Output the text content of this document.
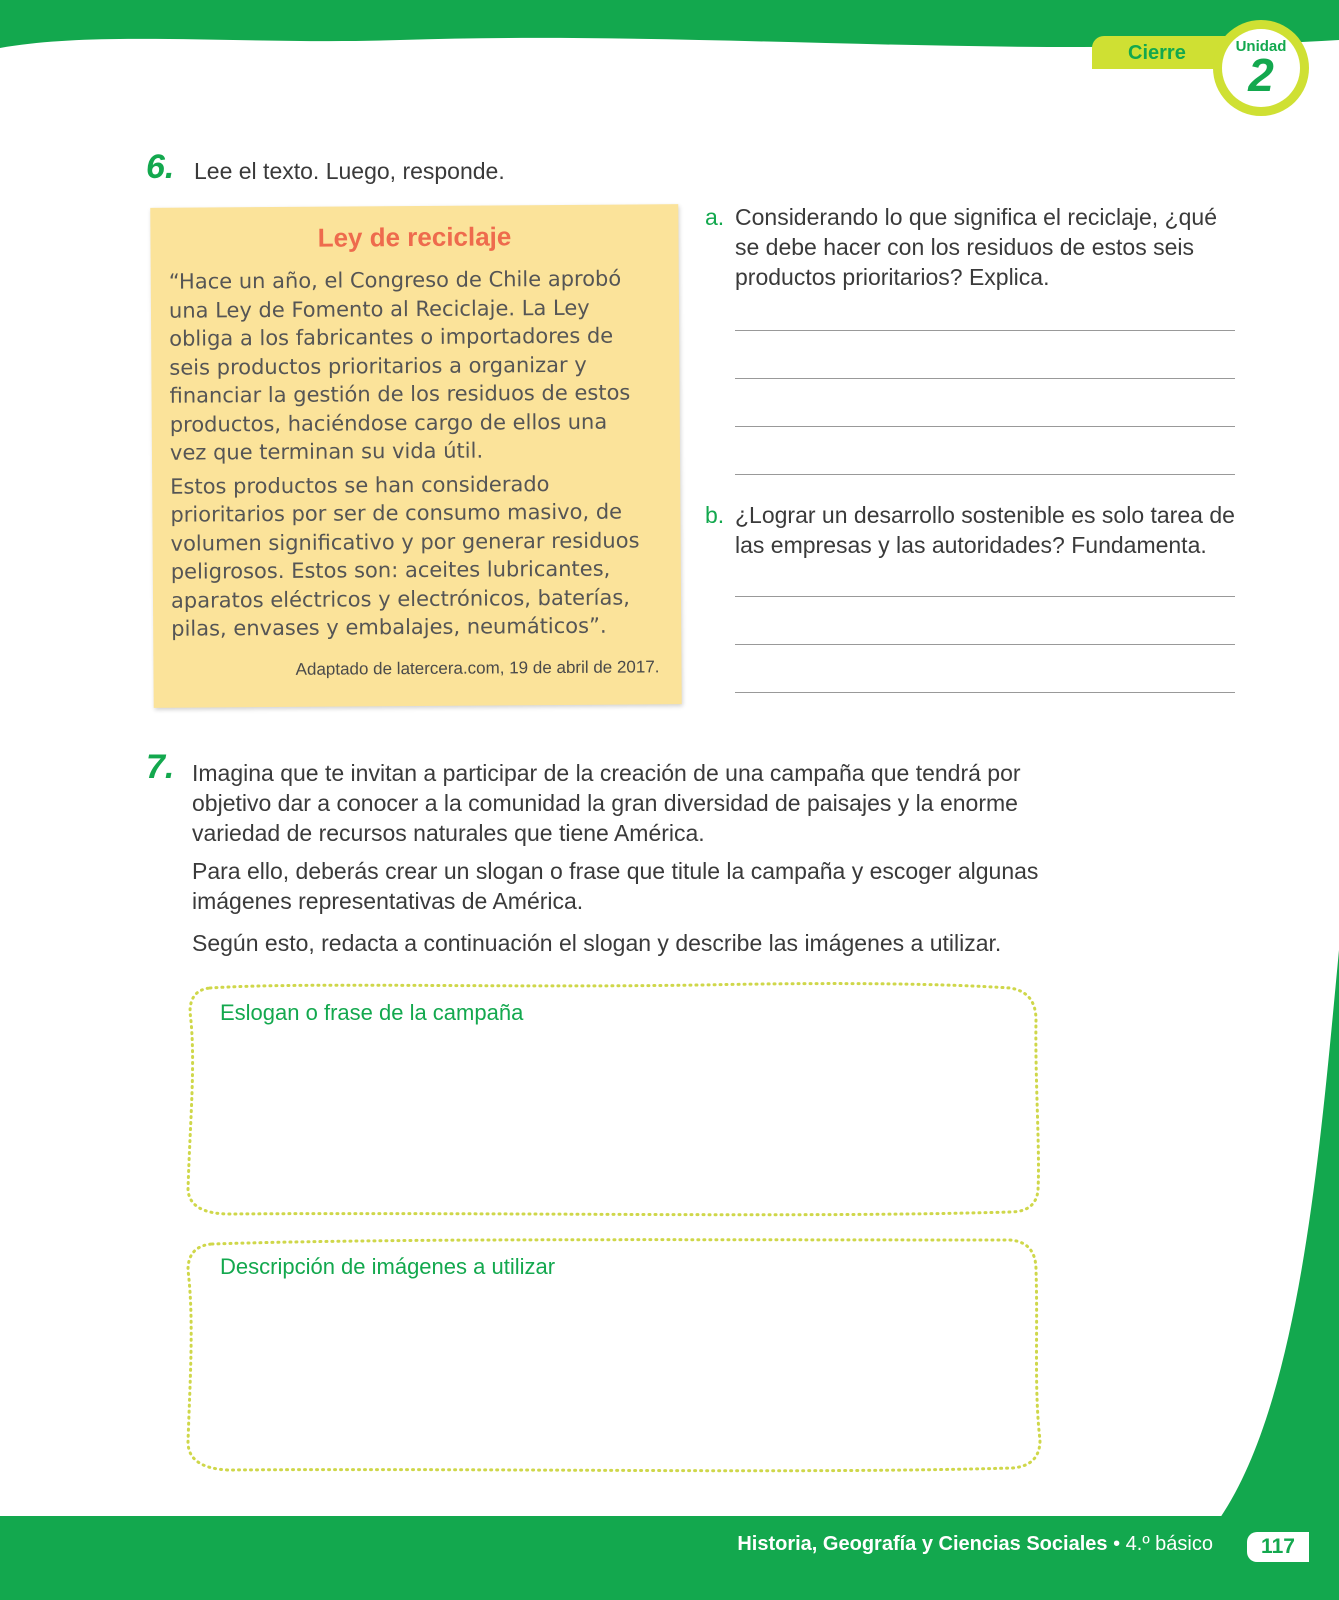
Cierre	Unidad
2
6. Lee el texto. Luego, responde.
Ley de reciclaje

“Hace un año, el Congreso de Chile aprobó una Ley de Fomento al Reciclaje. La Ley obliga a los fabricantes o importadores de seis productos prioritarios a organizar y financiar la gestión de los residuos de estos productos, haciéndose cargo de ellos una vez que terminan su vida útil.

Estos productos se han considerado prioritarios por ser de consumo masivo, de volumen significativo y por generar residuos peligrosos. Estos son: aceites lubricantes, aparatos eléctricos y electrónicos, baterías, pilas, envases y embalajes, neumáticos”.

Adaptado de latercera.com, 19 de abril de 2017.
a. Considerando lo que significa el reciclaje, ¿qué se debe hacer con los residuos de estos seis productos prioritarios? Explica.
b. ¿Lograr un desarrollo sostenible es solo tarea de las empresas y las autoridades? Fundamenta.
7. Imagina que te invitan a participar de la creación de una campaña que tendrá por objetivo dar a conocer a la comunidad la gran diversidad de paisajes y la enorme variedad de recursos naturales que tiene América.
Para ello, deberás crear un slogan o frase que titule la campaña y escoger algunas imágenes representativas de América.
Según esto, redacta a continuación el slogan y describe las imágenes a utilizar.
Eslogan o frase de la campaña
Descripción de imágenes a utilizar
Historia, Geografía y Ciencias Sociales • 4.º básico	117
